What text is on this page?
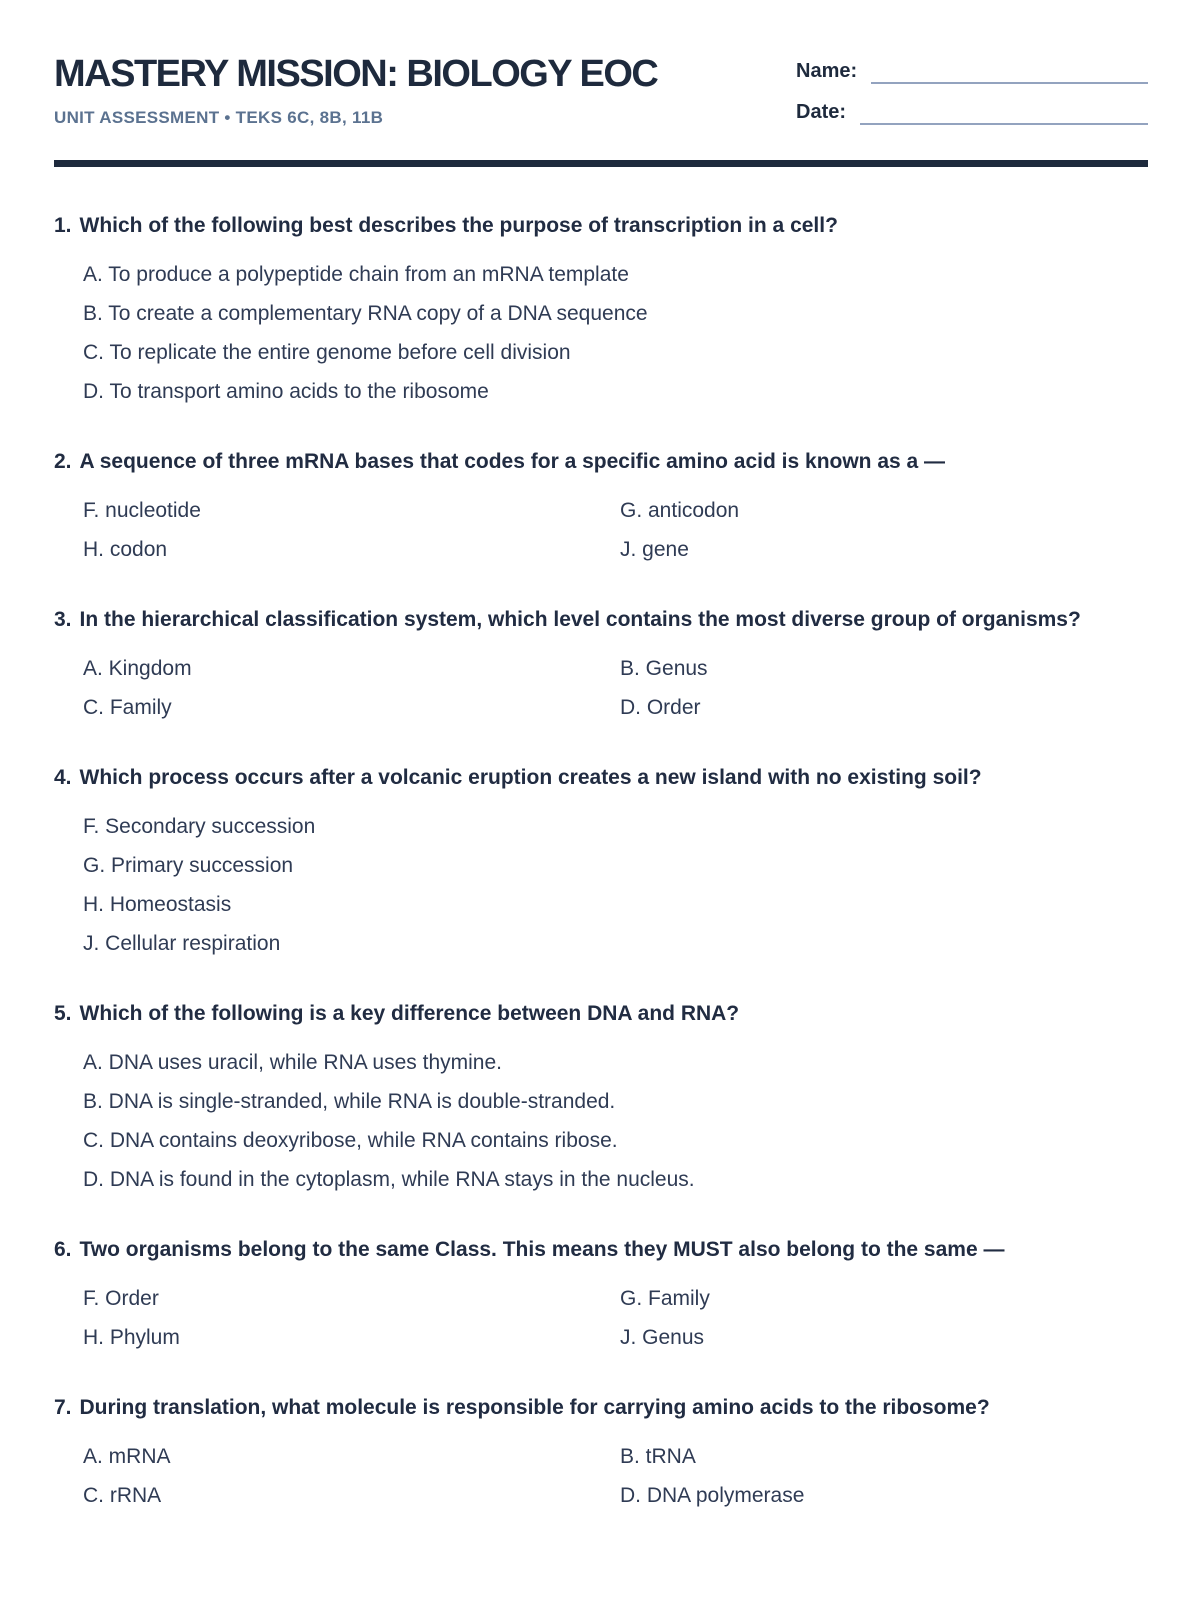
MASTERY MISSION: BIOLOGY EOC
UNIT ASSESSMENT • TEKS 6C, 8B, 11B
Name:
Date:

1. Which of the following best describes the purpose of transcription in a cell?

A. To produce a polypeptide chain from an mRNA template
B. To create a complementary RNA copy of a DNA sequence
C. To replicate the entire genome before cell division
D. To transport amino acids to the ribosome

2. A sequence of three mRNA bases that codes for a specific amino acid is known as a —

F. nucleotide	G. anticodon
H. codon	J. gene

3. In the hierarchical classification system, which level contains the most diverse group of organisms?

A. Kingdom	B. Genus
C. Family	D. Order

4. Which process occurs after a volcanic eruption creates a new island with no existing soil?

F. Secondary succession
G. Primary succession
H. Homeostasis
J. Cellular respiration

5. Which of the following is a key difference between DNA and RNA?

A. DNA uses uracil, while RNA uses thymine.
B. DNA is single-stranded, while RNA is double-stranded.
C. DNA contains deoxyribose, while RNA contains ribose.
D. DNA is found in the cytoplasm, while RNA stays in the nucleus.

6. Two organisms belong to the same Class. This means they MUST also belong to the same —

F. Order	G. Family
H. Phylum	J. Genus

7. During translation, what molecule is responsible for carrying amino acids to the ribosome?

A. mRNA	B. tRNA
C. rRNA	D. DNA polymerase
